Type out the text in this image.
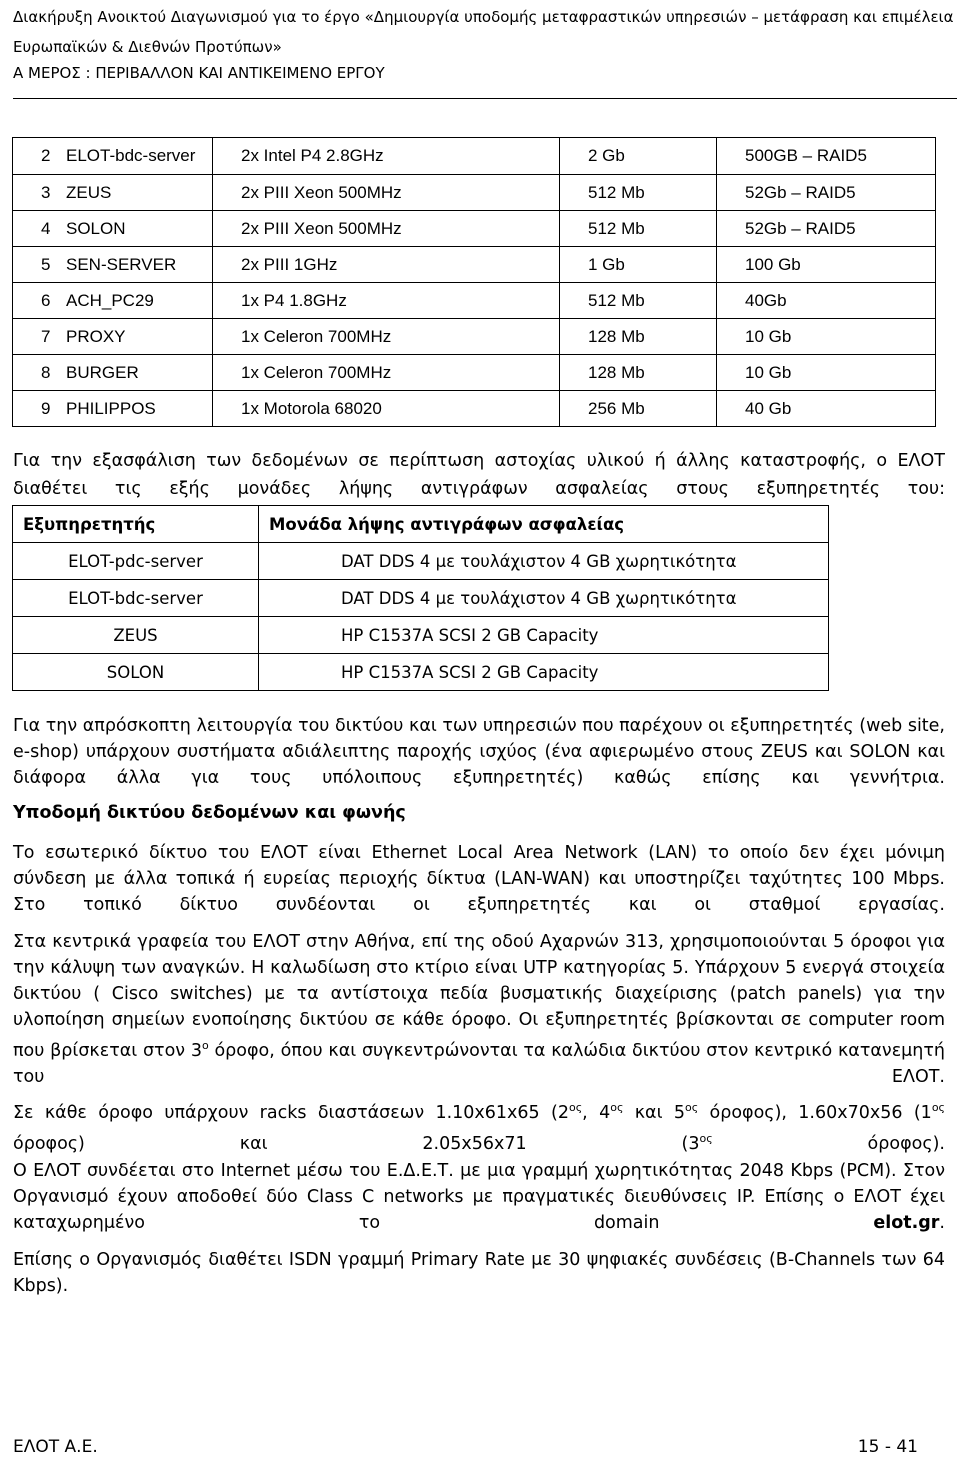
Διακήρυξη Ανοικτού Διαγωνισμού για το έργο «Δημιουργία υποδομής μεταφραστικών υπηρεσιών – μετάφραση και επιμέλεια Ευρωπαϊκών & Διεθνών Προτύπων»
Α ΜΕΡΟΣ : ΠΕΡΙΒΑΛΛΟΝ ΚΑΙ ΑΝΤΙΚΕΙΜΕΝΟ ΕΡΓΟΥ
2	ELOT-bdc-server	2x Intel P4 2.8GHz	2 Gb	500GB – RAID5
3	ZEUS	2x PIII Xeon 500MHz	512 Mb	52Gb – RAID5
4	SOLON	2x PIII Xeon 500MHz	512 Mb	52Gb – RAID5
5	SEN-SERVER	2x PIII 1GHz	1 Gb	100 Gb
6	ACH_PC29	1x P4 1.8GHz	512 Mb	40Gb
7	PROXY	1x Celeron 700MHz	128 Mb	10 Gb
8	BURGER	1x Celeron 700MHz	128 Mb	10 Gb
9	PHILIPPOS	1x Motorola 68020	256 Mb	40 Gb
Για την εξασφάλιση των δεδομένων σε περίπτωση αστοχίας υλικού ή άλλης καταστροφής, ο ΕΛΟΤ διαθέτει τις εξής μονάδες λήψης αντιγράφων ασφαλείας στους εξυπηρετητές του:
Εξυπηρετητής	Μονάδα λήψης αντιγράφων ασφαλείας
ELOT-pdc-server	DAT DDS 4 με τουλάχιστον 4 GB χωρητικότητα
ELOT-bdc-server	DAT DDS 4 με τουλάχιστον 4 GB χωρητικότητα
ZEUS	HP C1537A SCSI 2 GB Capacity
SOLON	HP C1537A SCSI 2 GB Capacity
Για την απρόσκοπτη λειτουργία του δικτύου και των υπηρεσιών που παρέχουν οι εξυπηρετητές (web site, e-shop) υπάρχουν συστήματα αδιάλειπτης παροχής ισχύος (ένα αφιερωμένο στους ZEUS και SOLON και διάφορα άλλα για τους υπόλοιπους εξυπηρετητές) καθώς επίσης και γεννήτρια.
Υποδομή δικτύου δεδομένων και φωνής
Το εσωτερικό δίκτυο του ΕΛΟΤ είναι Ethernet Local Area Network (LAN) το οποίο δεν έχει μόνιμη σύνδεση με άλλα τοπικά ή ευρείας περιοχής δίκτυα (LAN-WAN) και υποστηρίζει ταχύτητες 100 Mbps. Στο τοπικό δίκτυο συνδέονται οι εξυπηρετητές και οι σταθμοί εργασίας.
Στα κεντρικά γραφεία του ΕΛΟΤ στην Αθήνα, επί της οδού Αχαρνών 313, χρησιμοποιούνται 5 όροφοι για την κάλυψη των αναγκών. Η καλωδίωση στο κτίριο είναι UTP κατηγορίας 5. Υπάρχουν 5 ενεργά στοιχεία δικτύου ( Cisco switches) με τα αντίστοιχα πεδία βυσματικής διαχείρισης (patch panels) για την υλοποίηση σημείων ενοποίησης δικτύου σε κάθε όροφο. Οι εξυπηρετητές βρίσκονται σε computer room που βρίσκεται στον $3^o$ όροφο, όπου και συγκεντρώνονται τα καλώδια δικτύου στον κεντρικό κατανεμητή του ΕΛΟΤ.
Σε κάθε όροφο υπάρχουν racks διαστάσεων 1.10x61x65 ($2^{o\varsigma}$, $4^{o\varsigma}$ και $5^{o\varsigma}$ όροφος), 1.60x70x56 ($1^{o\varsigma}$ όροφος) και 2.05x56x71 ($3^{o\varsigma}$ όροφος).
Ο ΕΛΟΤ συνδέεται στο Internet μέσω του Ε.Δ.Ε.Τ. με μια γραμμή χωρητικότητας 2048 Kbps (PCM). Στον Οργανισμό έχουν αποδοθεί δύο Class C networks με πραγματικές διευθύνσεις IP. Επίσης ο ΕΛΟΤ έχει καταχωρημένο το domain elot.gr.
Επίσης ο Οργανισμός διαθέτει ISDN γραμμή Primary Rate με 30 ψηφιακές συνδέσεις (B-Channels των 64 Kbps).
ΕΛΟΤ Α.Ε.	15 - 41
